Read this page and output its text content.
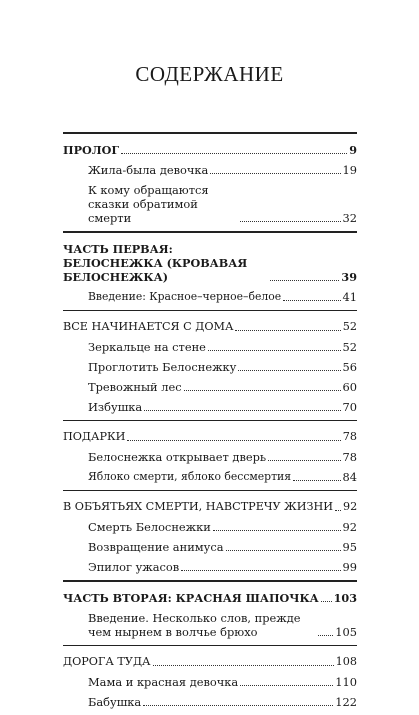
СОДЕРЖАНИЕ
ПРОЛОГ	9
Жила-была девочка	19
К кому обращаются сказки обратимой смерти	32
ЧАСТЬ ПЕРВАЯ: БЕЛОСНЕЖКА (КРОВАВАЯ БЕЛОСНЕЖКА)	39
Введение: Красное–черное–белое	41
ВСЕ НАЧИНАЕТСЯ С ДОМА	52
Зеркальце на стене	52
Проглотить Белоснежку	56
Тревожный лес	60
Избушка	70
ПОДАРКИ	78
Белоснежка открывает дверь	78
Яблоко смерти, яблоко бессмертия	84
В ОБЪЯТЬЯХ СМЕРТИ, НАВСТРЕЧУ ЖИЗНИ 92
Смерть Белоснежки	92
Возвращение анимуса	95
Эпилог ужасов	99
ЧАСТЬ ВТОРАЯ: КРАСНАЯ ШАПОЧКА 103
Введение. Несколько слов, прежде чем нырнем в волчье брюхо	105
ДОРОГА ТУДА	108
Мама и красная девочка	110
Бабушка	122
